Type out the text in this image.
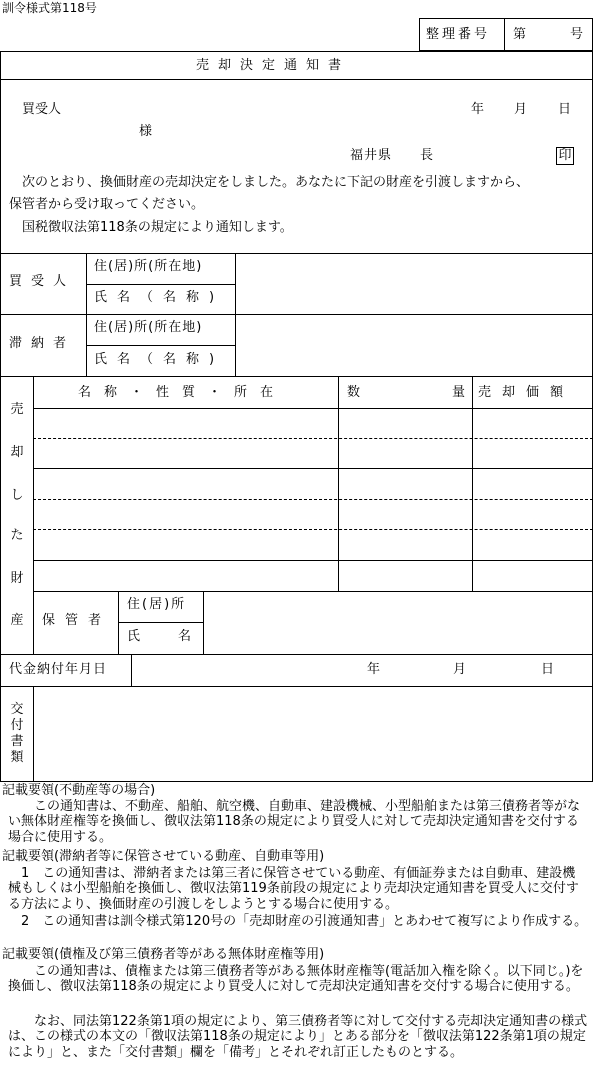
訓令様式第118号
整理番号 第	号
売却決定通知書
買受人	年 月 日
様
福井県　　長	印
次のとおり、換価財産の売却決定をしました。あなたに下記の財産を引渡しますから、
保管者から受け取ってください。
国税徴収法第118条の規定により通知します。
買受人
住(居)所(所在地)
氏名（名称)
滞納者
住(居)所(所在地)
氏名（名称)
売
却
し
た
財
産
名称・性質・所在	数	量 売却価額
保管者
住(居)所
氏名
代金納付年月日	年	月	日
交
付
書
類
記載要領(不動産等の場合)
　　この通知書は、不動産、船舶、航空機、自動車、建設機械、小型船舶または第三債務者等がない無体財産権等を換価し、徴収法第118条の規定により買受人に対して売却決定通知書を交付する場合に使用する。
記載要領(滞納者等に保管させている動産、自動車等用)
　1　この通知書は、滞納者または第三者に保管させている動産、有価証券または自動車、建設機械もしくは小型船舶を換価し、徴収法第119条前段の規定により売却決定通知書を買受人に交付する方法により、換価財産の引渡しをしようとする場合に使用する。
　2　この通知書は訓令様式第120号の「売却財産の引渡通知書」とあわせて複写により作成する。
記載要領(債権及び第三債務者等がある無体財産権等用)
　　この通知書は、債権または第三債務者等がある無体財産権等(電話加入権を除く。以下同じ。)を換価し、徴収法第118条の規定により買受人に対して売却決定通知書を交付する場合に使用する。
　　なお、同法第122条第1項の規定により、第三債務者等に対して交付する売却決定通知書の様式は、この様式の本文の「徴収法第118条の規定により」とある部分を「徴収法第122条第1項の規定により」と、また「交付書類」欄を「備考」とそれぞれ訂正したものとする。
